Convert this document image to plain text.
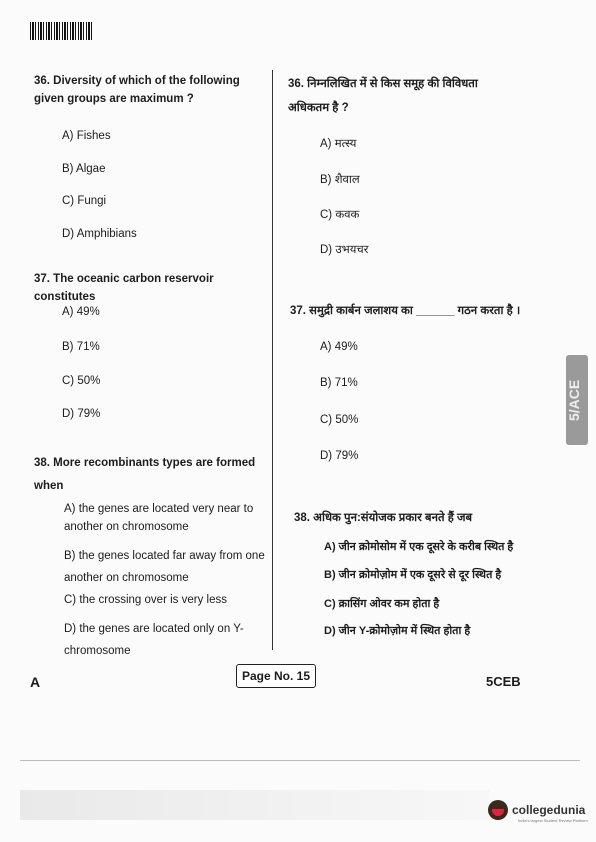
36. Diversity of which of the following given groups are maximum ?
A) Fishes
B) Algae
C) Fungi
D) Amphibians
37. The oceanic carbon reservoir constitutes
A) 49%
B) 71%
C) 50%
D) 79%
38. More recombinants types are formed when
A) the genes are located very near to another on chromosome
B) the genes located far away from one another on chromosome
C) the crossing over is very less
D) the genes are located only on Y-chromosome
36. निम्नलिखित में से किस समूह की विविधता अधिकतम है ?
A) मत्स्य
B) शैवाल
C) कवक
D) उभयचर
37. समुद्री कार्बन जलाशय का ______ गठन करता है ।
A) 49%
B) 71%
C) 50%
D) 79%
38. अधिक पुन:संयोजक प्रकार बनते हैं जब
A) जीन क्रोमोसोम में एक दूसरे के करीब स्थित है
B) जीन क्रोमोज़ोम में एक दूसरे से दूर स्थित है
C) क्रासिंग ओवर कम होता है
D) जीन Y-क्रोमोज़ोम में स्थित होता है
5/ACE
A	Page No. 15	5CEB
collegedunia
India's largest Student Review Platform
